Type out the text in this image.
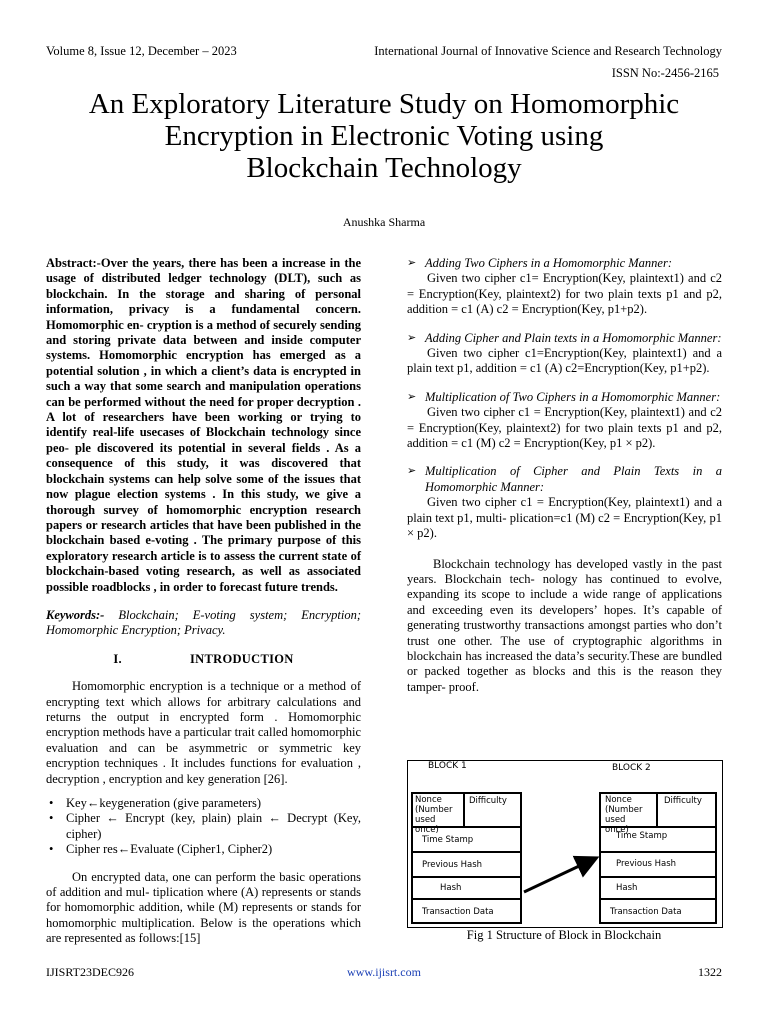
Volume 8, Issue 12, December – 2023	International Journal of Innovative Science and Research Technology
ISSN No:-2456-2165
An Exploratory Literature Study on Homomorphic
Encryption in Electronic Voting using
Blockchain Technology
Anushka Sharma

Abstract:-Over the years, there has been a increase in the usage of distributed ledger technology (DLT), such as blockchain. In the storage and sharing of personal information, privacy is a fundamental concern. Homomorphic en- cryption is a method of securely sending and storing private data between and inside computer systems. Homomorphic encryption has emerged as a potential solution , in which a client’s data is encrypted in such a way that some search and manipulation operations can be performed without the need for proper decryption . A lot of researchers have been working or trying to identify real-life usecases of Blockchain technology since peo- ple discovered its potential in several fields . As a consequence of this study, it was discovered that blockchain systems can help solve some of the issues that now plague election systems . In this study, we give a thorough survey of homomorphic encryption research papers or research articles that have been published in the blockchain based e-voting . The primary purpose of this exploratory research article is to assess the current state of blockchain-based voting research, as well as associated possible roadblocks , in order to forecast future trends.

Keywords:- Blockchain; E-voting system; Encryption; Homomorphic Encryption; Privacy.

I.	INTRODUCTION

Homomorphic encryption is a technique or a method of encrypting text which allows for arbitrary calculations and returns the output in encrypted form . Homomorphic encryption methods have a particular trait called homomorphic evaluation and can be asymmetric or symmetric key encryption techniques . It includes functions for evaluation , decryption , encryption and key generation [26].

• Key←keygeneration (give parameters)
• Cipher ← Encrypt (key, plain) plain ← Decrypt (Key, cipher)
• Cipher res←Evaluate (Cipher1, Cipher2)

On encrypted data, one can perform the basic operations of addition and mul- tiplication where (A) represents or stands for homomorphic addition, while (M) represents or stands for homomorphic multiplication. Below is the operations which are represented as follows:[15]

➢ Adding Two Ciphers in a Homomorphic Manner:
Given two cipher c1= Encryption(Key, plaintext1) and c2 = Encryption(Key, plaintext2) for two plain texts p1 and p2, addition = c1 (A) c2 = Encryption(Key, p1+p2).
➢ Adding Cipher and Plain texts in a Homomorphic Manner:
Given two cipher c1=Encryption(Key, plaintext1) and a plain text p1, addition = c1 (A) c2=Encryption(Key, p1+p2).
➢ Multiplication of Two Ciphers in a Homomorphic Manner:
Given two cipher c1 = Encryption(Key, plaintext1) and c2 = Encryption(Key, plaintext2) for two plain texts p1 and p2, addition = c1 (M) c2 = Encryption(Key, p1 × p2).
➢ Multiplication of Cipher and Plain Texts in a Homomorphic Manner:
Given two cipher c1 = Encryption(Key, plaintext1) and a plain text p1, multi- plication=c1 (M) c2 = Encryption(Key, p1 × p2).

Blockchain technology has developed vastly in the past years. Blockchain tech- nology has continued to evolve, expanding its scope to include a wide range of applications and exceeding even its developers’ hopes. It’s capable of generating trustworthy transactions amongst parties who don’t trust one other. The use of cryptographic algorithms in blockchain has increased the data’s security.These are bundled or packed together as blocks and this is the reason they tamper- proof.

BLOCK 1	BLOCK 2
Nonce
(Number used once)
Difficulty
Time Stamp
Previous Hash
Hash
Transaction Data
Nonce
(Number used once)
Difficulty
Time Stamp
Previous Hash
Hash
Transaction Data
Fig 1 Structure of Block in Blockchain
IJISRT23DEC926	www.ijisrt.com	1322
